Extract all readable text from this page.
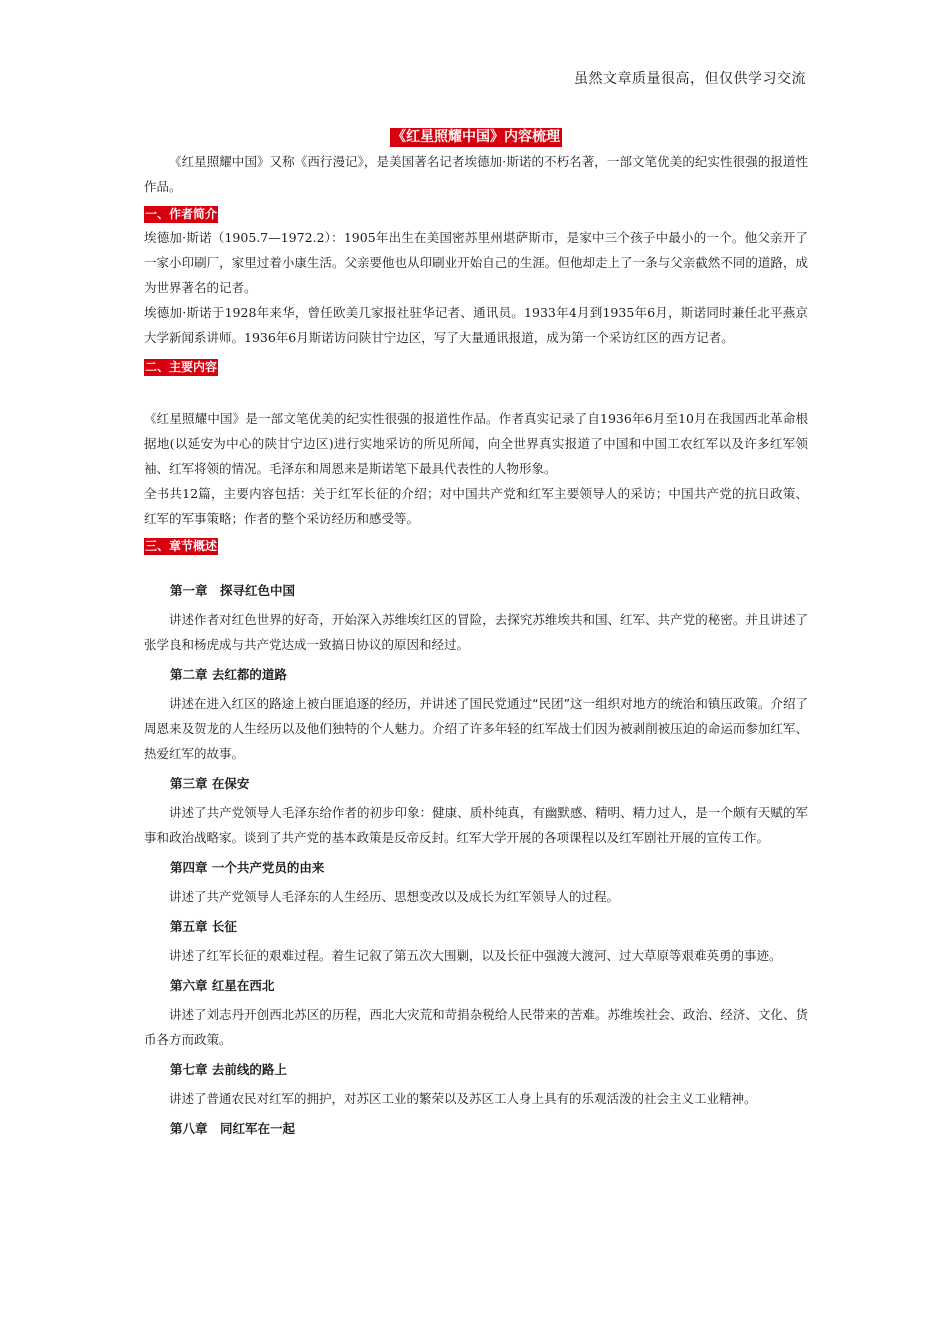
虽然文章质量很高，但仅供学习交流
《红星照耀中国》内容梳理

《红星照耀中国》又称《西行漫记》，是美国著名记者埃德加·斯诺的不朽名著，一部文笔优美的纪实性很强的报道性作品。

一、作者简介

埃德加·斯诺（1905.7—1972.2）：1905年出生在美国密苏里州堪萨斯市，是家中三个孩子中最小的一个。他父亲开了一家小印刷厂，家里过着小康生活。父亲要他也从印刷业开始自己的生涯。但他却走上了一条与父亲截然不同的道路，成为世界著名的记者。

埃德加·斯诺于1928年来华，曾任欧美几家报社驻华记者、通讯员。1933年4月到1935年6月，斯诺同时兼任北平燕京大学新闻系讲师。1936年6月斯诺访问陕甘宁边区，写了大量通讯报道，成为第一个采访红区的西方记者。

二、主要内容

《红星照耀中国》是一部文笔优美的纪实性很强的报道性作品。作者真实记录了自1936年6月至10月在我国西北革命根据地(以延安为中心的陕甘宁边区)进行实地采访的所见所闻，向全世界真实报道了中国和中国工农红军以及许多红军领袖、红军将领的情况。毛泽东和周恩来是斯诺笔下最具代表性的人物形象。

全书共12篇，主要内容包括：关于红军长征的介绍；对中国共产党和红军主要领导人的采访；中国共产党的抗日政策、红军的军事策略；作者的整个采访经历和感受等。

三、章节概述
第一章　探寻红色中国

讲述作者对红色世界的好奇，开始深入苏维埃红区的冒险，去探究苏维埃共和国、红军、共产党的秘密。并且讲述了张学良和杨虎成与共产党达成一致搞日协议的原因和经过。

第二章 去红都的道路

讲述在进入红区的路途上被白匪追逐的经历，并讲述了国民党通过“民团”这一组织对地方的统治和镇压政策。介绍了周恩来及贺龙的人生经历以及他们独特的个人魅力。介绍了许多年轻的红军战士们因为被剥削被压迫的命运而参加红军、热爱红军的故事。

第三章 在保安

讲述了共产党领导人毛泽东给作者的初步印象：健康、质朴纯真，有幽默感、精明、精力过人，是一个颇有天赋的军事和政治战略家。谈到了共产党的基本政策是反帝反封。红军大学开展的各项课程以及红军剧社开展的宣传工作。

第四章 一个共产党员的由来

讲述了共产党领导人毛泽东的人生经历、思想变改以及成长为红军领导人的过程。

第五章 长征

讲述了红军长征的艰难过程。着生记叙了第五次大围剿，以及长征中强渡大渡河、过大草原等艰难英勇的事迹。

第六章 红星在西北

讲述了刘志丹开创西北苏区的历程，西北大灾荒和苛捐杂税给人民带来的苦难。苏维埃社会、政治、经济、文化、货币各方而政策。

第七章 去前线的路上

讲述了普通农民对红军的拥护，对苏区工业的繁荣以及苏区工人身上具有的乐观活泼的社会主义工业精神。

第八章　同红军在一起
